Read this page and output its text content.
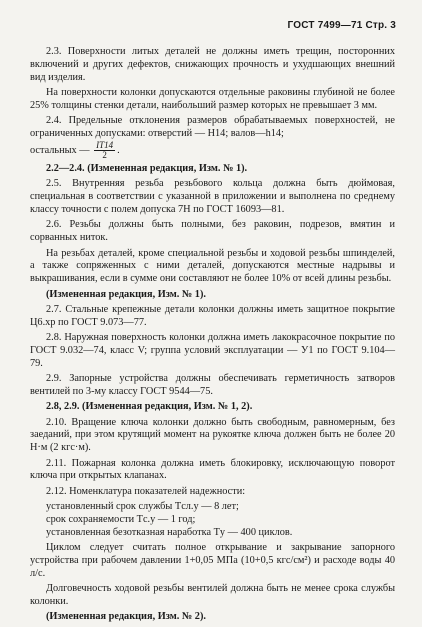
ГОСТ 7499—71 Стр. 3

2.3. Поверхности литых деталей не должны иметь трещин, посторонних включений и других дефектов, снижающих прочность и ухудшающих внешний вид изделия.

На поверхности колонки допускаются отдельные раковины глубиной не более 25% толщины стенки детали, наибольший размер которых не превышает 3 мм.

2.4. Предельные отклонения размеров обрабатываемых поверхностей, не ограниченных допусками: отверстий — H14; валов—h14;

остальных — $\frac{IT14}{2}$ .

2.2—2.4. (Измененная редакция, Изм. № 1).

2.5. Внутренняя резьба резьбового кольца должна быть дюймовая, специальная в соответствии с указанной в приложении и выполнена по среднему классу точности с полем допуска 7H по ГОСТ 16093—81.

2.6. Резьбы должны быть полными, без раковин, подрезов, вмятин и сорванных ниток.

На резьбах деталей, кроме специальной резьбы и ходовой резьбы шпинделей, а также сопряженных с ними деталей, допускаются местные надрывы и выкрашивания, если в сумме они составляют не более 10% от всей длины резьбы.

(Измененная редакция, Изм. № 1).

2.7. Стальные крепежные детали колонки должны иметь защитное покрытие Ц6.хр по ГОСТ 9.073—77.

2.8. Наружная поверхность колонки должна иметь лакокрасочное покрытие по ГОСТ 9.032—74, класс V; группа условий эксплуатации — У1 по ГОСТ 9.104—79.

2.9. Запорные устройства должны обеспечивать герметичность затворов вентилей по 3-му классу ГОСТ 9544—75.

2.8, 2.9. (Измененная редакция, Изм. № 1, 2).

2.10. Вращение ключа колонки должно быть свободным, равномерным, без заеданий, при этом крутящий момент на рукоятке ключа должен быть не более 20 Н·м (2 кгс·м).

2.11. Пожарная колонка должна иметь блокировку, исключающую поворот ключа при открытых клапанах.

2.12. Номенклатура показателей надежности:

установленный срок службы Tсл.у — 8 лет;

срок сохраняемости Tс.у — 1 год;

установленная безотказная наработка Tу — 400 циклов.

Циклом следует считать полное открывание и закрывание запорного устройства при рабочем давлении 1+0,05 МПа (10+0,5 кгс/см²) и расходе воды 40 л/с.

Долговечность ходовой резьбы вентилей должна быть не менее срока службы колонки.

(Измененная редакция, Изм. № 2).
